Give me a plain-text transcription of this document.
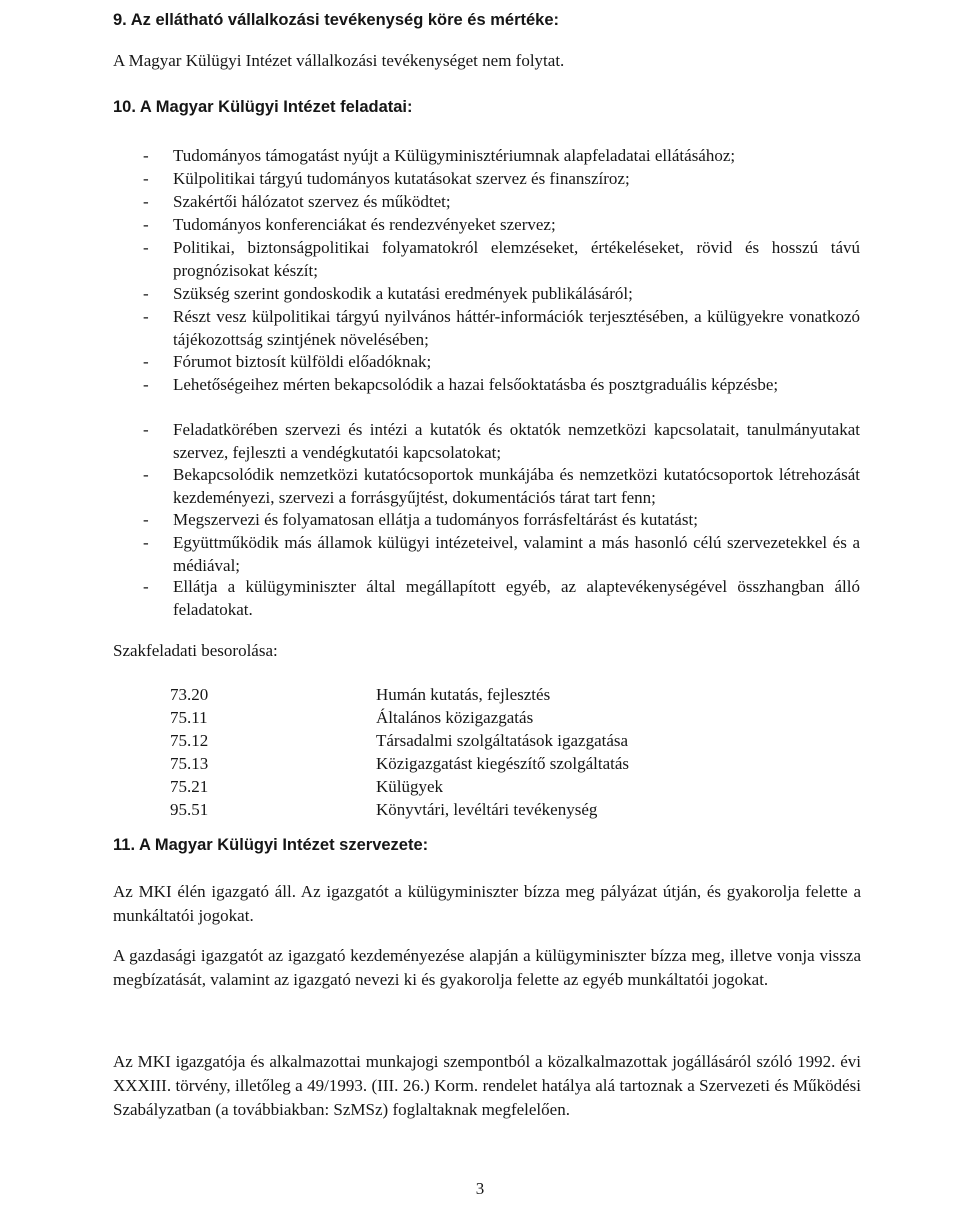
9. Az ellátható vállalkozási tevékenység köre és mértéke:
A Magyar Külügyi Intézet vállalkozási tevékenységet nem folytat.
10. A Magyar Külügyi Intézet feladatai:
-	Tudományos támogatást nyújt a Külügyminisztériumnak alapfeladatai ellátásához;
-	Külpolitikai tárgyú tudományos kutatásokat szervez és finanszíroz;
-	Szakértői hálózatot szervez és működtet;
-	Tudományos konferenciákat és rendezvényeket szervez;
-	Politikai, biztonságpolitikai folyamatokról elemzéseket, értékeléseket, rövid és hosszú távú prognózisokat készít;
-	Szükség szerint gondoskodik a kutatási eredmények publikálásáról;
-	Részt vesz külpolitikai tárgyú nyilvános háttér-információk terjesztésében, a külügyekre vonatkozó tájékozottság szintjének növelésében;
-	Fórumot biztosít külföldi előadóknak;
-	Lehetőségeihez mérten bekapcsolódik a hazai felsőoktatásba és posztgraduális képzésbe;
-	Feladatkörében szervezi és intézi a kutatók és oktatók nemzetközi kapcsolatait, tanulmányutakat szervez, fejleszti a vendégkutatói kapcsolatokat;
-	Bekapcsolódik nemzetközi kutatócsoportok munkájába és nemzetközi kutatócsoportok létrehozását kezdeményezi, szervezi a forrásgyűjtést, dokumentációs tárat tart fenn;
-	Megszervezi és folyamatosan ellátja a tudományos forrásfeltárást és kutatást;
-	Együttműködik más államok külügyi intézeteivel, valamint a más hasonló célú szervezetekkel és a médiával;
-	Ellátja a külügyminiszter által megállapított egyéb, az alaptevékenységével összhangban álló feladatokat.
Szakfeladati besorolása:
73.20	Humán kutatás, fejlesztés
75.11	Általános közigazgatás
75.12	Társadalmi szolgáltatások igazgatása
75.13	Közigazgatást kiegészítő szolgáltatás
75.21	Külügyek
95.51	Könyvtári, levéltári tevékenység
11. A Magyar Külügyi Intézet szervezete:
Az MKI élén igazgató áll. Az igazgatót a külügyminiszter bízza meg pályázat útján, és gyakorolja felette a munkáltatói jogokat.
A gazdasági igazgatót az igazgató kezdeményezése alapján a külügyminiszter bízza meg, illetve vonja vissza megbízatását, valamint az igazgató nevezi ki és gyakorolja felette az egyéb munkáltatói jogokat.
Az MKI igazgatója és alkalmazottai munkajogi szempontból a közalkalmazottak jogállásáról szóló 1992. évi XXXIII. törvény, illetőleg a 49/1993. (III. 26.) Korm. rendelet hatálya alá tartoznak a Szervezeti és Működési Szabályzatban (a továbbiakban: SzMSz) foglaltaknak megfelelően.
3
